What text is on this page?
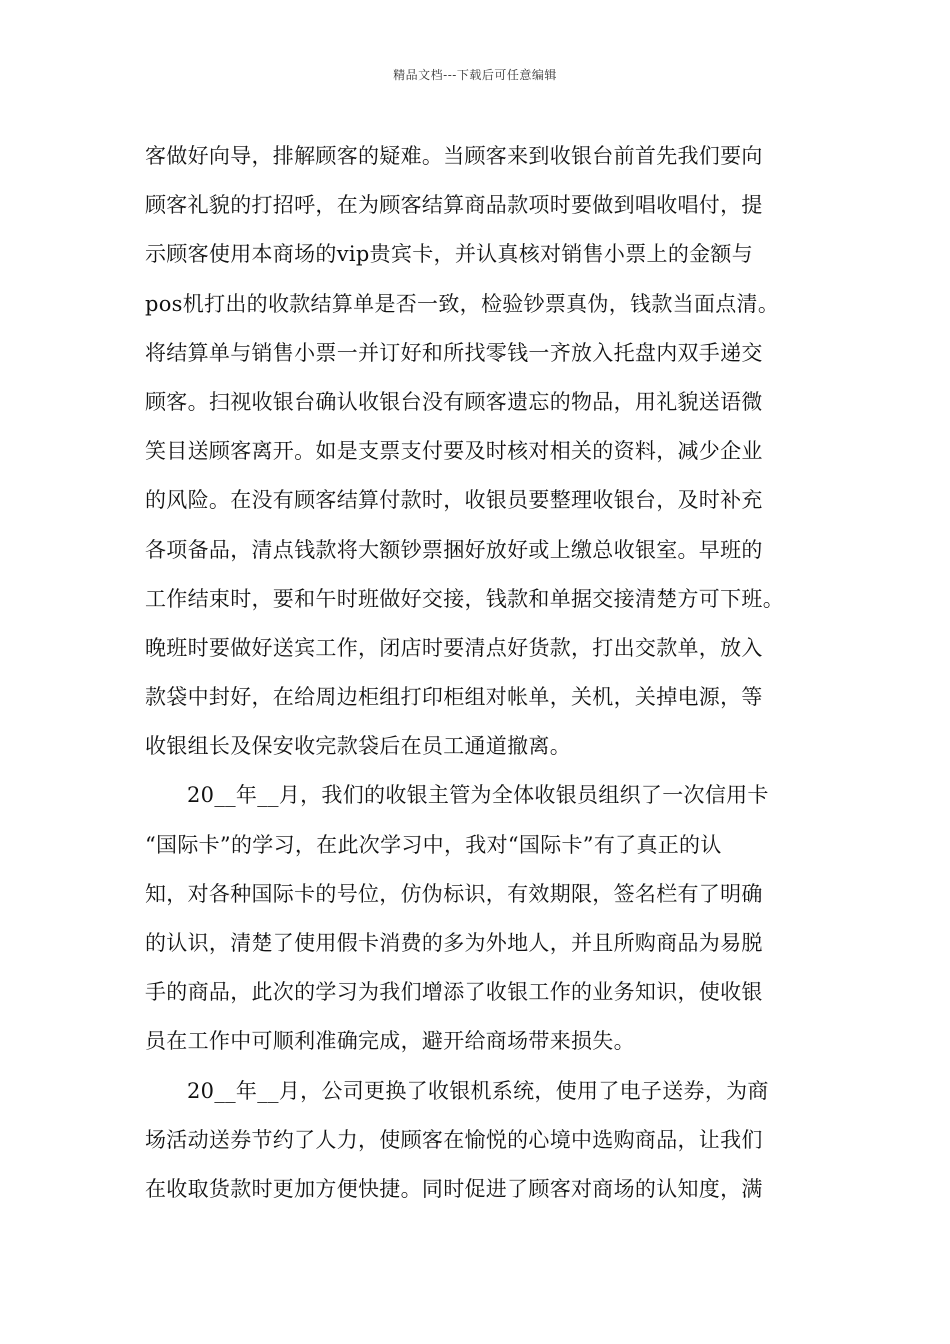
精品文档---下载后可任意编辑
客做好向导，排解顾客的疑难。当顾客来到收银台前首先我们要向
顾客礼貌的打招呼，在为顾客结算商品款项时要做到唱收唱付，提
示顾客使用本商场的vip贵宾卡，并认真核对销售小票上的金额与
pos机打出的收款结算单是否一致，检验钞票真伪，钱款当面点清。
将结算单与销售小票一并订好和所找零钱一齐放入托盘内双手递交
顾客。扫视收银台确认收银台没有顾客遗忘的物品，用礼貌送语微
笑目送顾客离开。如是支票支付要及时核对相关的资料，减少企业
的风险。在没有顾客结算付款时，收银员要整理收银台，及时补充
各项备品，清点钱款将大额钞票捆好放好或上缴总收银室。早班的
工作结束时，要和午时班做好交接，钱款和单据交接清楚方可下班。
晚班时要做好送宾工作，闭店时要清点好货款，打出交款单，放入
款袋中封好，在给周边柜组打印柜组对帐单，关机，关掉电源，等
收银组长及保安收完款袋后在员工通道撤离。
20__年__月，我们的收银主管为全体收银员组织了一次信用卡
“国际卡”的学习，在此次学习中，我对“国际卡”有了真正的认
知，对各种国际卡的号位，仿伪标识，有效期限，签名栏有了明确
的认识，清楚了使用假卡消费的多为外地人，并且所购商品为易脱
手的商品，此次的学习为我们增添了收银工作的业务知识，使收银
员在工作中可顺利准确完成，避开给商场带来损失。
20__年__月，公司更换了收银机系统，使用了电子送券，为商
场活动送券节约了人力，使顾客在愉悦的心境中选购商品，让我们
在收取货款时更加方便快捷。同时促进了顾客对商场的认知度，满
